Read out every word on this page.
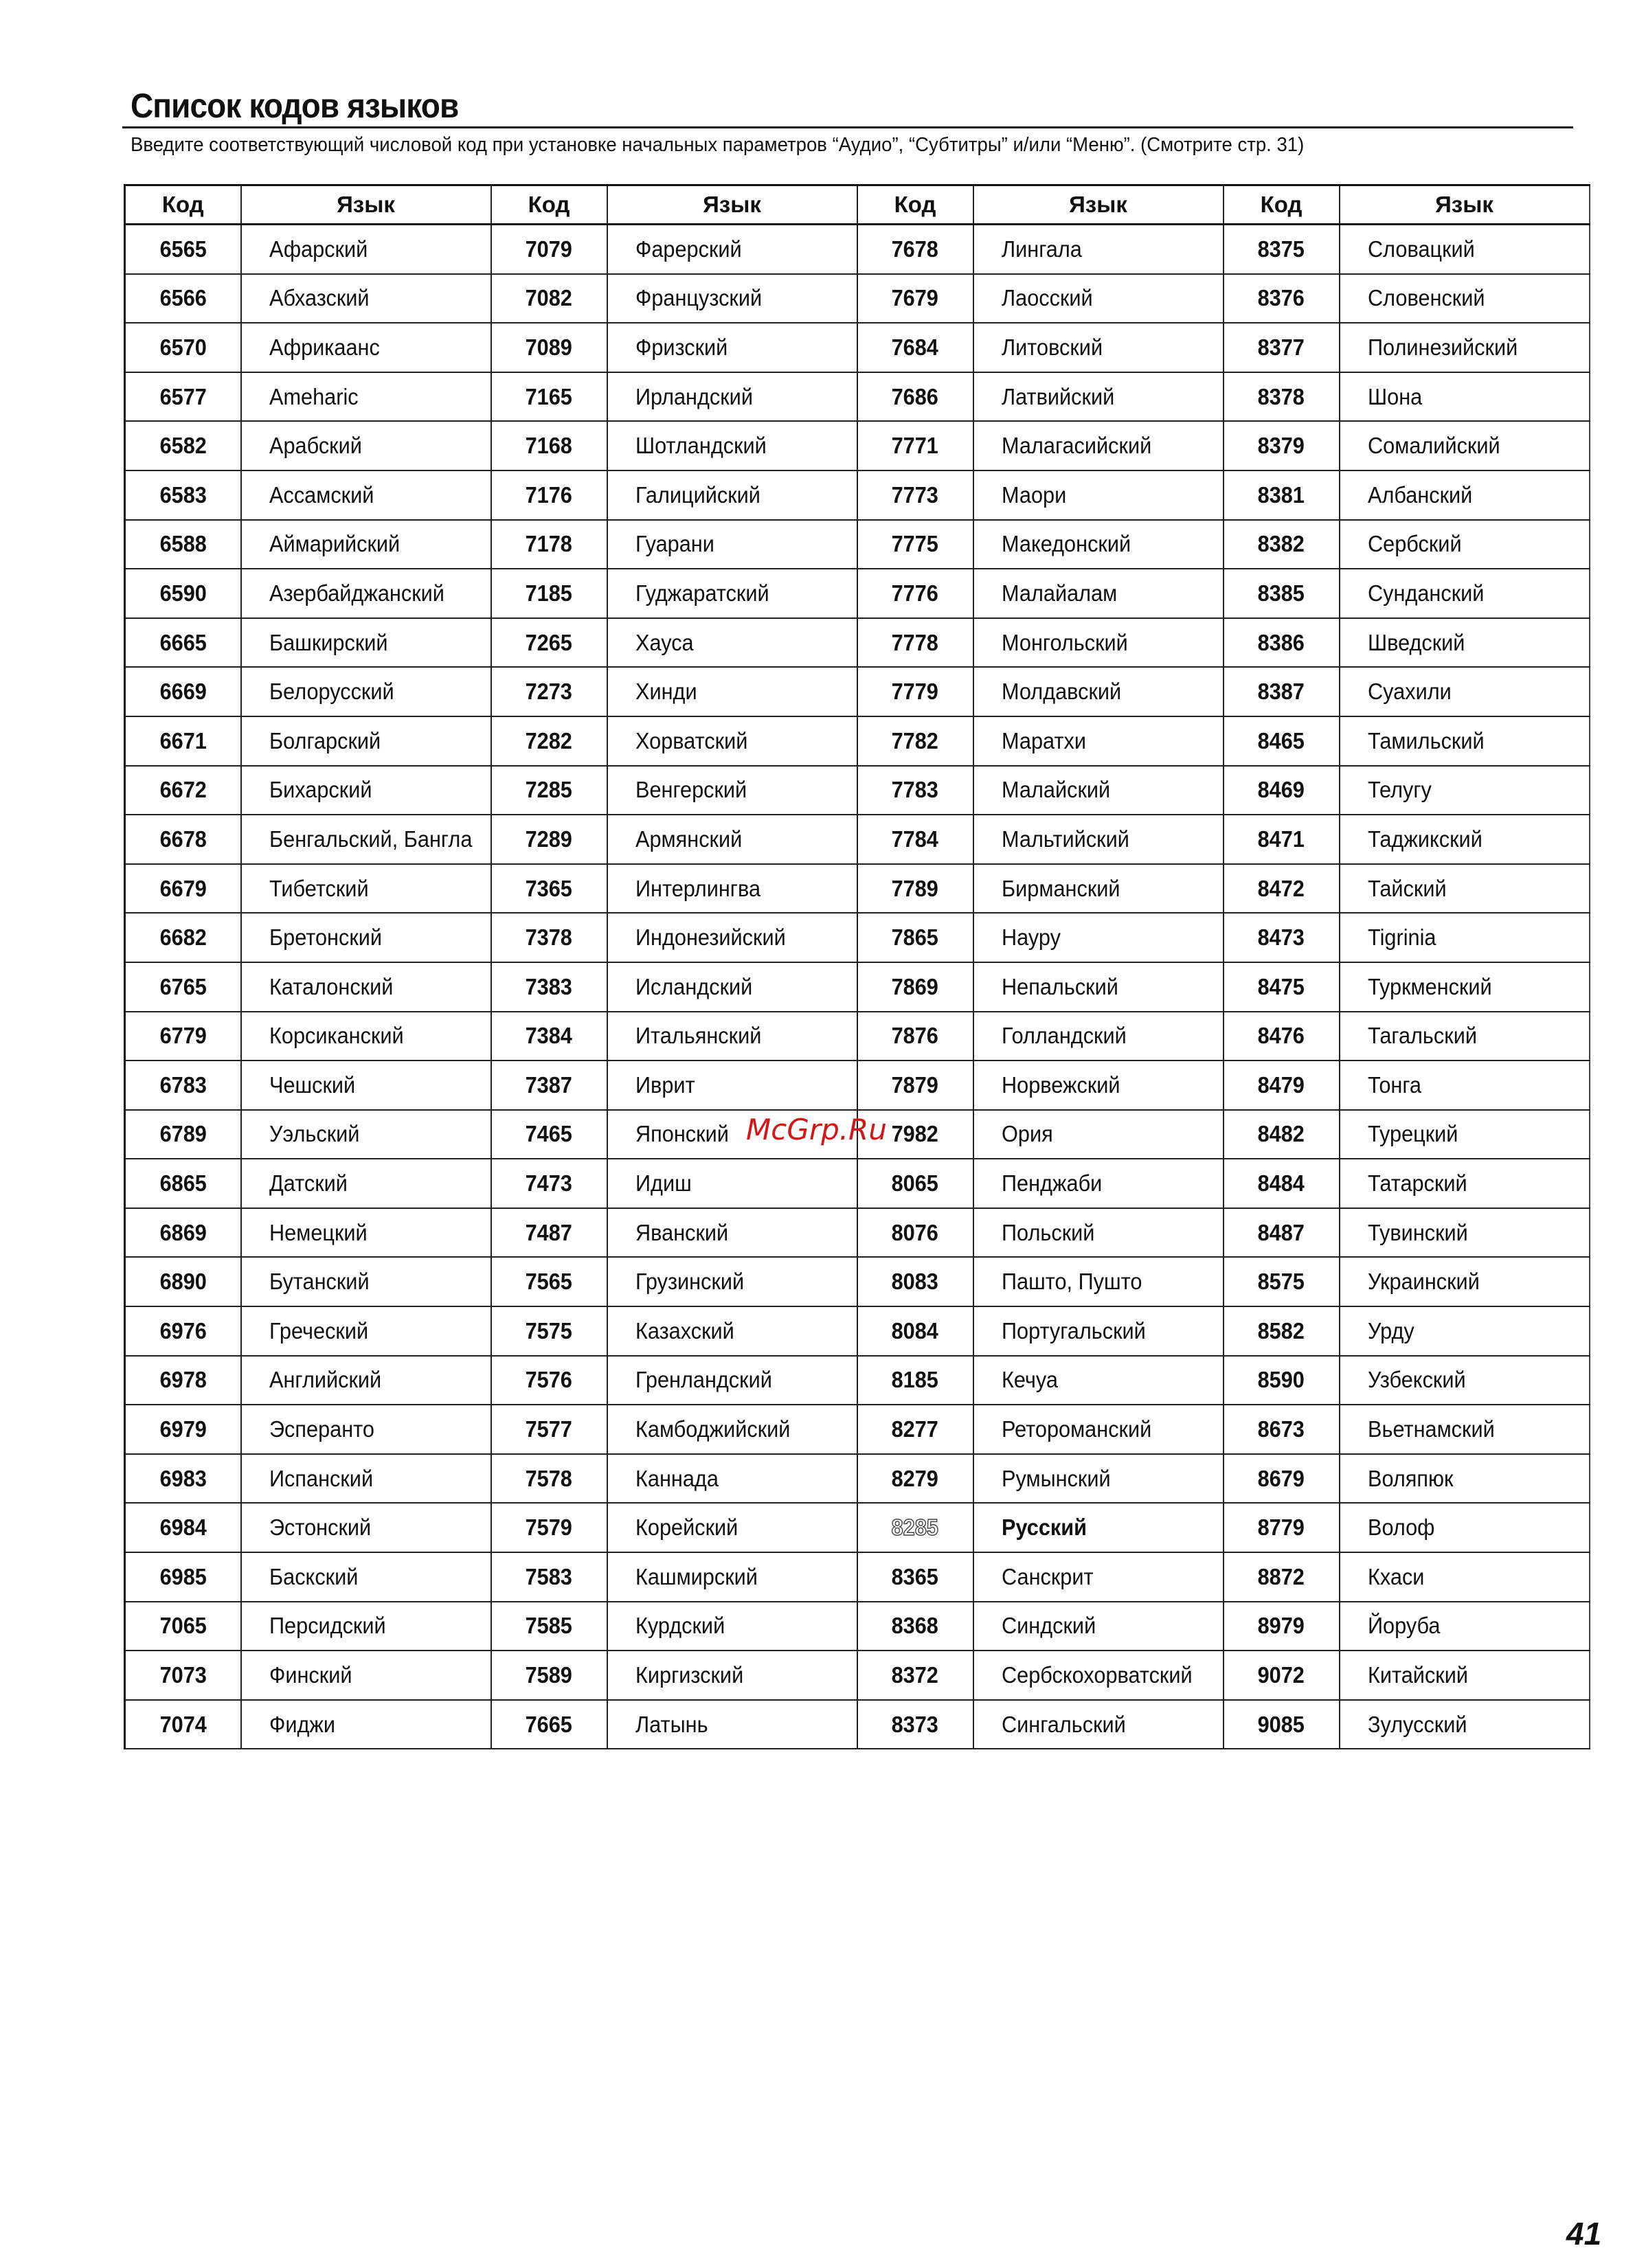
Список кодов языков
Введите соответствующий числовой код при установке начальных параметров “Аудио”, “Субтитры” и/или “Меню”. (Смотрите стр. 31)
Код	Язык	Код	Язык	Код	Язык	Код	Язык
6565	Афарский	7079	Фарерский	7678	Лингала	8375	Словацкий
6566	Абхазский	7082	Французский	7679	Лаосский	8376	Словенский
6570	Африкаанс	7089	Фризский	7684	Литовский	8377	Полинезийский
6577	Ameharic	7165	Ирландский	7686	Латвийский	8378	Шона
6582	Арабский	7168	Шотландский	7771	Малагасийский	8379	Сомалийский
6583	Ассамский	7176	Галицийский	7773	Маори	8381	Албанский
6588	Аймарийский	7178	Гуарани	7775	Македонский	8382	Сербский
6590	Азербайджанский	7185	Гуджаратский	7776	Малайалам	8385	Сунданский
6665	Башкирский	7265	Хауса	7778	Монгольский	8386	Шведский
6669	Белорусский	7273	Хинди	7779	Молдавский	8387	Суахили
6671	Болгарский	7282	Хорватский	7782	Маратхи	8465	Тамильский
6672	Бихарский	7285	Венгерский	7783	Малайский	8469	Телугу
6678	Бенгальский, Бангла	7289	Армянский	7784	Мальтийский	8471	Таджикский
6679	Тибетский	7365	Интерлингва	7789	Бирманский	8472	Тайский
6682	Бретонский	7378	Индонезийский	7865	Науру	8473	Tigrinia
6765	Каталонский	7383	Исландский	7869	Непальский	8475	Туркменский
6779	Корсиканский	7384	Итальянский	7876	Голландский	8476	Тагальский
6783	Чешский	7387	Иврит	7879	Норвежский	8479	Тонга
6789	Уэльский	7465	Японский	7982	Ория	8482	Турецкий
6865	Датский	7473	Идиш	8065	Пенджаби	8484	Татарский
6869	Немецкий	7487	Яванский	8076	Польский	8487	Тувинский
6890	Бутанский	7565	Грузинский	8083	Пашто, Пушто	8575	Украинский
6976	Греческий	7575	Казахский	8084	Португальский	8582	Урду
6978	Английский	7576	Гренландский	8185	Кечуа	8590	Узбекский
6979	Эсперанто	7577	Камбоджийский	8277	Ретороманский	8673	Вьетнамский
6983	Испанский	7578	Каннада	8279	Румынский	8679	Воляпюк
6984	Эстонский	7579	Корейский	8285	Русский	8779	Волоф
6985	Баскский	7583	Кашмирский	8365	Санскрит	8872	Кхаси
7065	Персидский	7585	Курдский	8368	Синдский	8979	Йоруба
7073	Финский	7589	Киргизский	8372	Сербскохорватский	9072	Китайский
7074	Фиджи	7665	Латынь	8373	Сингальский	9085	Зулусский
McGrp.Ru
41
